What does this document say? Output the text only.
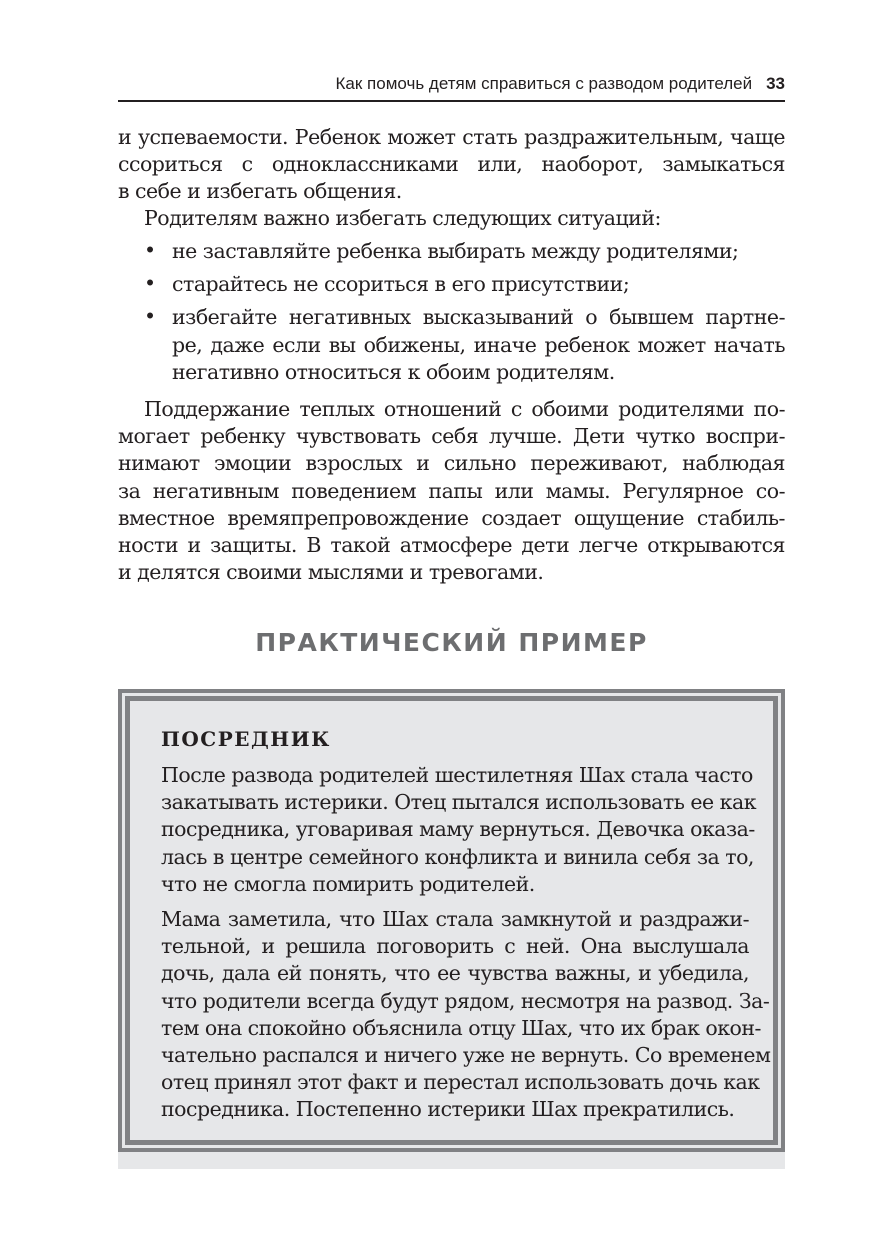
Как помочь детям справиться с разводом родителей 33
и успеваемости. Ребенок может стать раздражительным, чаще
ссориться с одноклассниками или, наоборот, замыкаться
в себе и избегать общения.
Родителям важно избегать следующих ситуаций:
• не заставляйте ребенка выбирать между родителями;
• старайтесь не ссориться в его присутствии;
• избегайте негативных высказываний о бывшем партне-
ре, даже если вы обижены, иначе ребенок может начать
негативно относиться к обоим родителям.
Поддержание теплых отношений с обоими родителями по-
могает ребенку чувствовать себя лучше. Дети чутко воспри-
нимают эмоции взрослых и сильно переживают, наблюдая
за негативным поведением папы или мамы. Регулярное со-
вместное времяпрепровождение создает ощущение стабиль-
ности и защиты. В такой атмосфере дети легче открываются
и делятся своими мыслями и тревогами.
ПРАКТИЧЕСКИЙ ПРИМЕР
ПОСРЕДНИК
После развода родителей шестилетняя Шах стала часто
закатывать истерики. Отец пытался использовать ее как
посредника, уговаривая маму вернуться. Девочка оказа-
лась в центре семейного конфликта и винила себя за то,
что не смогла помирить родителей.
Мама заметила, что Шах стала замкнутой и раздражи-
тельной, и решила поговорить с ней. Она выслушала
дочь, дала ей понять, что ее чувства важны, и убедила,
что родители всегда будут рядом, несмотря на развод. За-
тем она спокойно объяснила отцу Шах, что их брак окон-
чательно распался и ничего уже не вернуть. Со временем
отец принял этот факт и перестал использовать дочь как
посредника. Постепенно истерики Шах прекратились.
